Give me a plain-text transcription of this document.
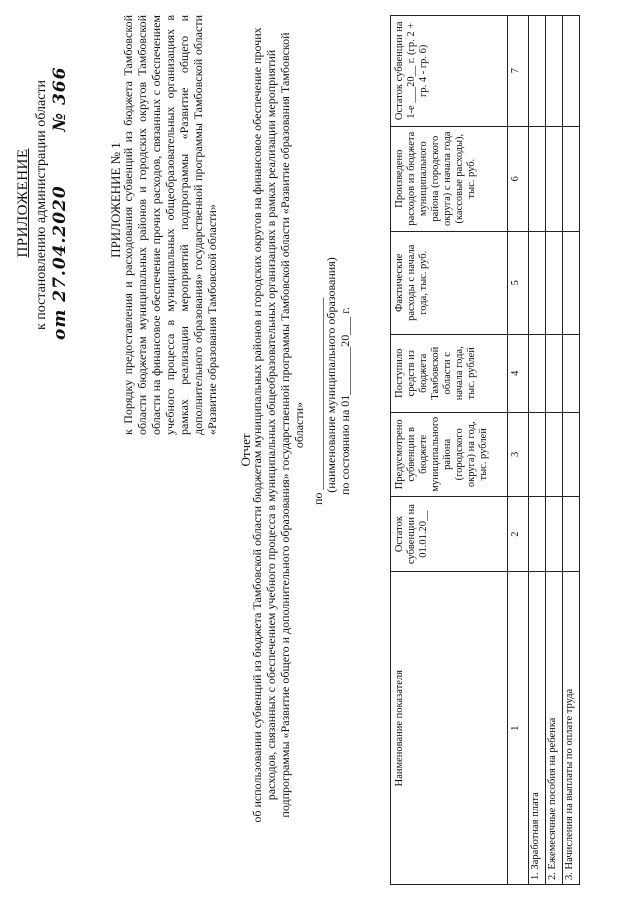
ПРИЛОЖЕНИЕ к постановлению администрации области от 27.04.2020  № 366
ПРИЛОЖЕНИЕ № 1
к Порядку предоставления и расходования субвенций из бюджета Тамбовской области бюджетам муниципальных районов и городских округов Тамбовской области на финансовое обеспечение прочих расходов, связанных с обеспечением учебного процесса в муниципальных общеобразовательных организациях в рамках реализации мероприятий подпрограммы «Развитие общего и дополнительного образования» государственной программы Тамбовской области «Развитие образования Тамбовской области»
Отчет
об использовании субвенций из бюджета Тамбовской области бюджетам муниципальных районов и городских округов на финансовое обеспечение прочих расходов, связанных с обеспечением учебного процесса в муниципальных общеобразовательных организациях в рамках реализации мероприятий подпрограммы «Развитие общего и дополнительного образования» государственной программы Тамбовской области «Развитие образования Тамбовской области» по ________________________________ (наименование муниципального образования) по состоянию на 01________20___ г.
Наименование показателя	Остаток субвенции на 01.01.20__	Предусмотрено субвенции в бюджете муниципального района (городского округа) на год, тыс. рублей	Поступило средств из бюджета Тамбовской области с начала года, тыс. рублей	Фактические расходы с начала года, тыс. руб.	Произведено расходов из бюджета муниципального района (городского округа) с начала года (кассовые расходы), тыс. руб.	Остаток субвенции на 1-е ___20__ г. (гр. 2 + гр. 4 - гр. 6)
1	2	3	4	5	6	7
1. Заработная плата						
2. Ежемесячные пособия на ребенка						
3. Начисления на выплаты по оплате труда						
